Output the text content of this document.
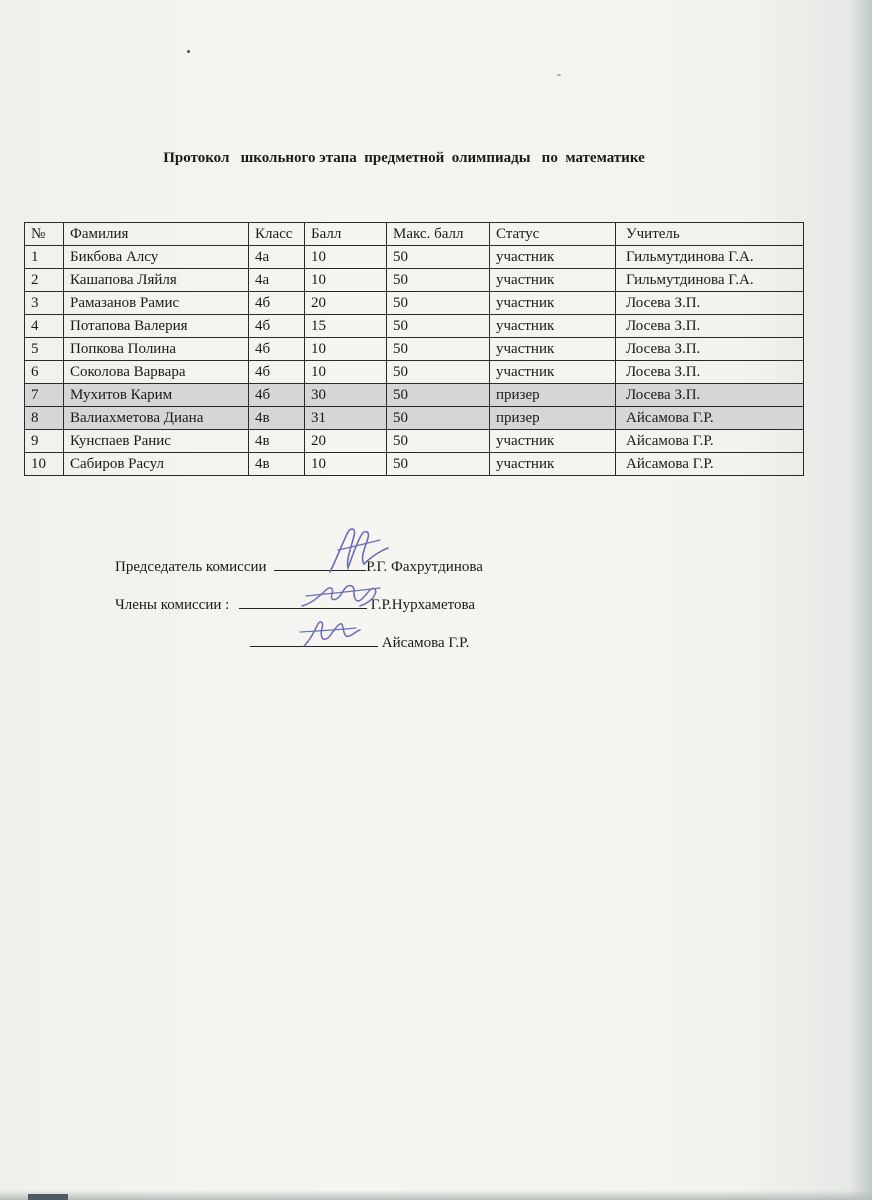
Протокол   школьного этапа  предметной  олимпиады   по  математике
№	Фамилия	Класс	Балл	Макс. балл	Статус	Учитель
1	Бикбова Алсу	4а	10	50	участник	Гильмутдинова Г.А.
2	Кашапова Ляйля	4а	10	50	участник	Гильмутдинова Г.А.
3	Рамазанов Рамис	4б	20	50	участник	Лосева З.П.
4	Потапова Валерия	4б	15	50	участник	Лосева З.П.
5	Попкова Полина	4б	10	50	участник	Лосева З.П.
6	Соколова Варвара	4б	10	50	участник	Лосева З.П.
7	Мухитов Карим	4б	30	50	призер	Лосева З.П.
8	Валиахметова Диана	4в	31	50	призер	Айсамова Г.Р.
9	Кунспаев Ранис	4в	20	50	участник	Айсамова Г.Р.
10	Сабиров Расул	4в	10	50	участник	Айсамова Г.Р.
Председатель комиссии	Р.Г. Фахрутдинова
Члены комиссии :	Г.Р.Нурхаметова
Айсамова Г.Р.
